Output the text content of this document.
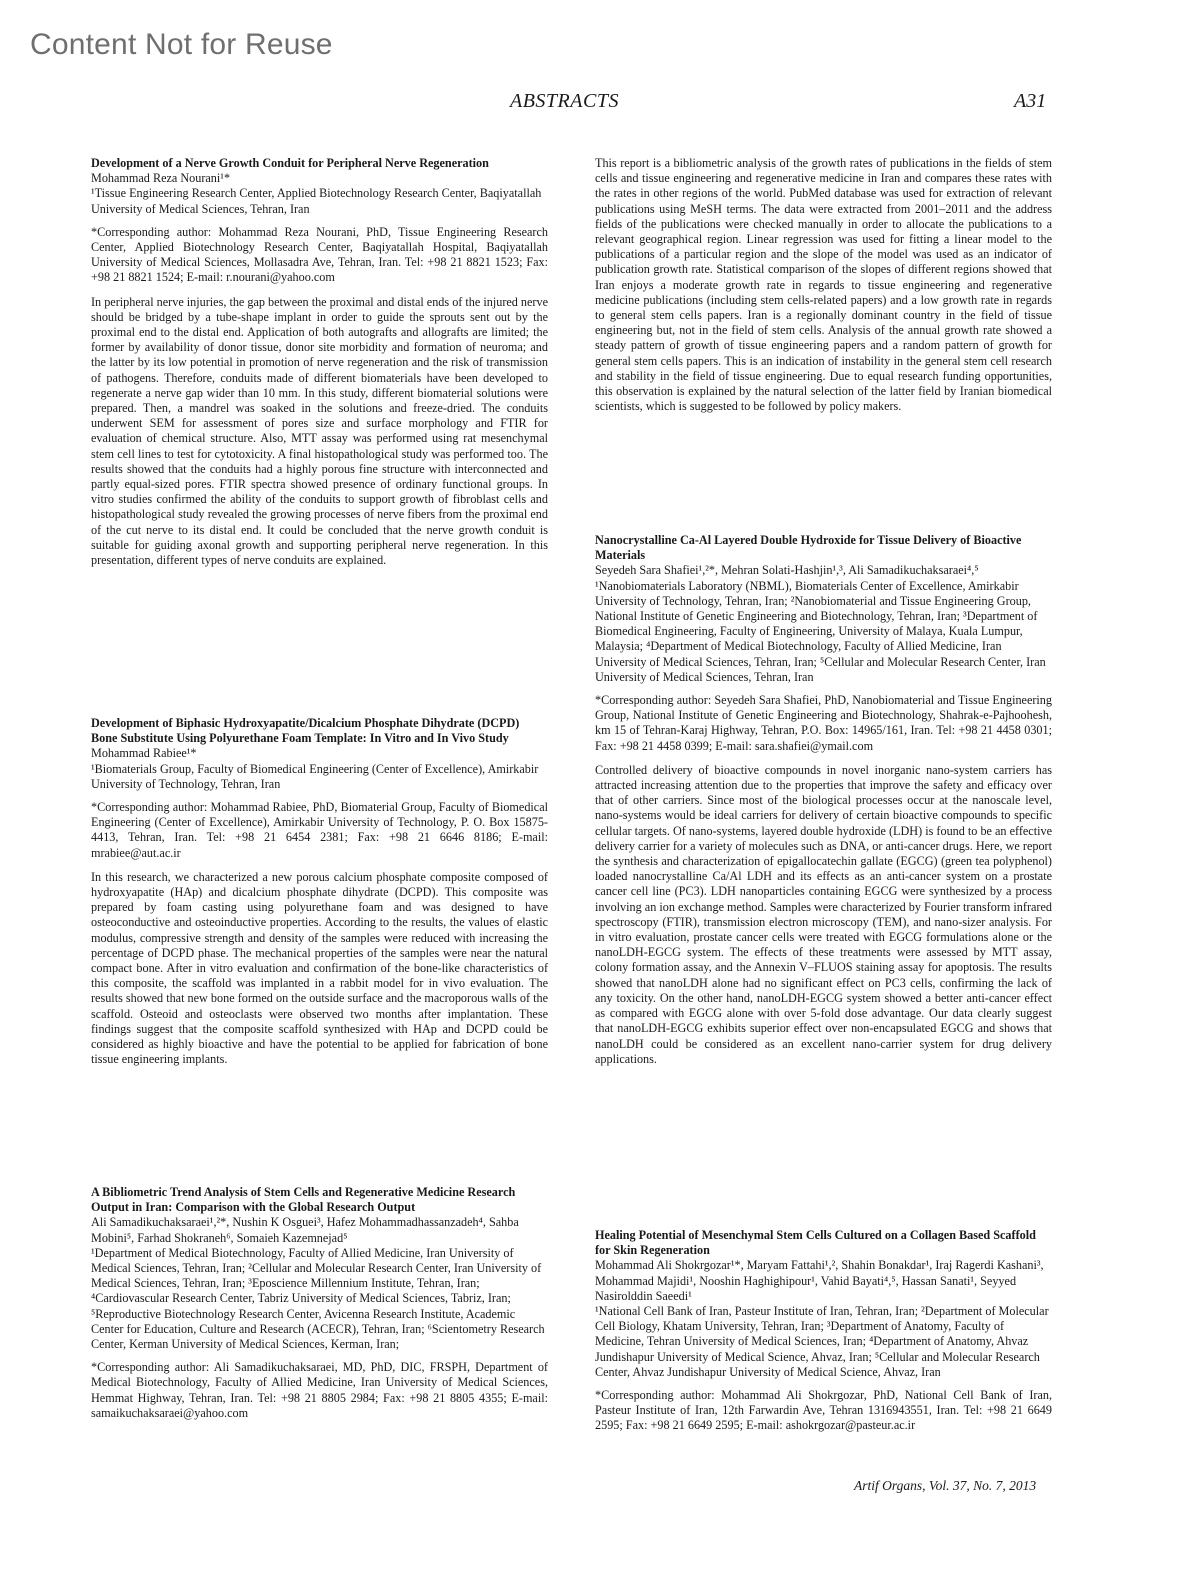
Content Not for Reuse
ABSTRACTS	A31

Development of a Nerve Growth Conduit for Peripheral Nerve Regeneration

Mohammad Reza Nourani¹*

¹Tissue Engineering Research Center, Applied Biotechnology Research Center, Baqiyatallah University of Medical Sciences, Tehran, Iran

*Corresponding author: Mohammad Reza Nourani, PhD, Tissue Engineering Research Center, Applied Biotechnology Research Center, Baqiyatallah Hospital, Baqiyatallah University of Medical Sciences, Mollasadra Ave, Tehran, Iran. Tel: +98 21 8821 1523; Fax: +98 21 8821 1524; E-mail: r.nourani@yahoo.com

In peripheral nerve injuries, the gap between the proximal and distal ends of the injured nerve should be bridged by a tube-shape implant in order to guide the sprouts sent out by the proximal end to the distal end. Application of both autografts and allografts are limited; the former by availability of donor tissue, donor site morbidity and formation of neuroma; and the latter by its low potential in promotion of nerve regeneration and the risk of transmission of pathogens. Therefore, conduits made of different biomaterials have been developed to regenerate a nerve gap wider than 10 mm. In this study, different biomaterial solutions were prepared. Then, a mandrel was soaked in the solutions and freeze-dried. The conduits underwent SEM for assessment of pores size and surface morphology and FTIR for evaluation of chemical structure. Also, MTT assay was performed using rat mesenchymal stem cell lines to test for cytotoxicity. A final histopathological study was performed too. The results showed that the conduits had a highly porous fine structure with interconnected and partly equal-sized pores. FTIR spectra showed presence of ordinary functional groups. In vitro studies confirmed the ability of the conduits to support growth of fibroblast cells and histopathological study revealed the growing processes of nerve fibers from the proximal end of the cut nerve to its distal end. It could be concluded that the nerve growth conduit is suitable for guiding axonal growth and supporting peripheral nerve regeneration. In this presentation, different types of nerve conduits are explained.

Development of Biphasic Hydroxyapatite/Dicalcium Phosphate Dihydrate (DCPD) Bone Substitute Using Polyurethane Foam Template: In Vitro and In Vivo Study

Mohammad Rabiee¹*

¹Biomaterials Group, Faculty of Biomedical Engineering (Center of Excellence), Amirkabir University of Technology, Tehran, Iran

*Corresponding author: Mohammad Rabiee, PhD, Biomaterial Group, Faculty of Biomedical Engineering (Center of Excellence), Amirkabir University of Technology, P. O. Box 15875-4413, Tehran, Iran. Tel: +98 21 6454 2381; Fax: +98 21 6646 8186; E-mail: mrabiee@aut.ac.ir

In this research, we characterized a new porous calcium phosphate composite composed of hydroxyapatite (HAp) and dicalcium phosphate dihydrate (DCPD). This composite was prepared by foam casting using polyurethane foam and was designed to have osteoconductive and osteoinductive properties. According to the results, the values of elastic modulus, compressive strength and density of the samples were reduced with increasing the percentage of DCPD phase. The mechanical properties of the samples were near the natural compact bone. After in vitro evaluation and confirmation of the bone-like characteristics of this composite, the scaffold was implanted in a rabbit model for in vivo evaluation. The results showed that new bone formed on the outside surface and the macroporous walls of the scaffold. Osteoid and osteoclasts were observed two months after implantation. These findings suggest that the composite scaffold synthesized with HAp and DCPD could be considered as highly bioactive and have the potential to be applied for fabrication of bone tissue engineering implants.

A Bibliometric Trend Analysis of Stem Cells and Regenerative Medicine Research Output in Iran: Comparison with the Global Research Output

Ali Samadikuchaksaraei¹,²*, Nushin K Osguei³, Hafez Mohammadhassanzadeh⁴, Sahba Mobini⁵, Farhad Shokraneh⁶, Somaieh Kazemnejad⁵

¹Department of Medical Biotechnology, Faculty of Allied Medicine, Iran University of Medical Sciences, Tehran, Iran; ²Cellular and Molecular Research Center, Iran University of Medical Sciences, Tehran, Iran; ³Eposcience Millennium Institute, Tehran, Iran; ⁴Cardiovascular Research Center, Tabriz University of Medical Sciences, Tabriz, Iran; ⁵Reproductive Biotechnology Research Center, Avicenna Research Institute, Academic Center for Education, Culture and Research (ACECR), Tehran, Iran; ⁶Scientometry Research Center, Kerman University of Medical Sciences, Kerman, Iran;

*Corresponding author: Ali Samadikuchaksaraei, MD, PhD, DIC, FRSPH, Department of Medical Biotechnology, Faculty of Allied Medicine, Iran University of Medical Sciences, Hemmat Highway, Tehran, Iran. Tel: +98 21 8805 2984; Fax: +98 21 8805 4355; E-mail: samaikuchaksaraei@yahoo.com

This report is a bibliometric analysis of the growth rates of publications in the fields of stem cells and tissue engineering and regenerative medicine in Iran and compares these rates with the rates in other regions of the world. PubMed database was used for extraction of relevant publications using MeSH terms. The data were extracted from 2001–2011 and the address fields of the publications were checked manually in order to allocate the publications to a relevant geographical region. Linear regression was used for fitting a linear model to the publications of a particular region and the slope of the model was used as an indicator of publication growth rate. Statistical comparison of the slopes of different regions showed that Iran enjoys a moderate growth rate in regards to tissue engineering and regenerative medicine publications (including stem cells-related papers) and a low growth rate in regards to general stem cells papers. Iran is a regionally dominant country in the field of tissue engineering but, not in the field of stem cells. Analysis of the annual growth rate showed a steady pattern of growth of tissue engineering papers and a random pattern of growth for general stem cells papers. This is an indication of instability in the general stem cell research and stability in the field of tissue engineering. Due to equal research funding opportunities, this observation is explained by the natural selection of the latter field by Iranian biomedical scientists, which is suggested to be followed by policy makers.

Nanocrystalline Ca-Al Layered Double Hydroxide for Tissue Delivery of Bioactive Materials

Seyedeh Sara Shafiei¹,²*, Mehran Solati-Hashjin¹,³, Ali Samadikuchaksaraei⁴,⁵

¹Nanobiomaterials Laboratory (NBML), Biomaterials Center of Excellence, Amirkabir University of Technology, Tehran, Iran; ²Nanobiomaterial and Tissue Engineering Group, National Institute of Genetic Engineering and Biotechnology, Tehran, Iran; ³Department of Biomedical Engineering, Faculty of Engineering, University of Malaya, Kuala Lumpur, Malaysia; ⁴Department of Medical Biotechnology, Faculty of Allied Medicine, Iran University of Medical Sciences, Tehran, Iran; ⁵Cellular and Molecular Research Center, Iran University of Medical Sciences, Tehran, Iran

*Corresponding author: Seyedeh Sara Shafiei, PhD, Nanobiomaterial and Tissue Engineering Group, National Institute of Genetic Engineering and Biotechnology, Shahrak-e-Pajhoohesh, km 15 of Tehran-Karaj Highway, Tehran, P.O. Box: 14965/161, Iran. Tel: +98 21 4458 0301; Fax: +98 21 4458 0399; E-mail: sara.shafiei@ymail.com

Controlled delivery of bioactive compounds in novel inorganic nano-system carriers has attracted increasing attention due to the properties that improve the safety and efficacy over that of other carriers. Since most of the biological processes occur at the nanoscale level, nano-systems would be ideal carriers for delivery of certain bioactive compounds to specific cellular targets. Of nano-systems, layered double hydroxide (LDH) is found to be an effective delivery carrier for a variety of molecules such as DNA, or anti-cancer drugs. Here, we report the synthesis and characterization of epigallocatechin gallate (EGCG) (green tea polyphenol) loaded nanocrystalline Ca/Al LDH and its effects as an anti-cancer system on a prostate cancer cell line (PC3). LDH nanoparticles containing EGCG were synthesized by a process involving an ion exchange method. Samples were characterized by Fourier transform infrared spectroscopy (FTIR), transmission electron microscopy (TEM), and nano-sizer analysis. For in vitro evaluation, prostate cancer cells were treated with EGCG formulations alone or the nanoLDH-EGCG system. The effects of these treatments were assessed by MTT assay, colony formation assay, and the Annexin V–FLUOS staining assay for apoptosis. The results showed that nanoLDH alone had no significant effect on PC3 cells, confirming the lack of any toxicity. On the other hand, nanoLDH-EGCG system showed a better anti-cancer effect as compared with EGCG alone with over 5-fold dose advantage. Our data clearly suggest that nanoLDH-EGCG exhibits superior effect over non-encapsulated EGCG and shows that nanoLDH could be considered as an excellent nano-carrier system for drug delivery applications.

Healing Potential of Mesenchymal Stem Cells Cultured on a Collagen Based Scaffold for Skin Regeneration

Mohammad Ali Shokrgozar¹*, Maryam Fattahi¹,², Shahin Bonakdar¹, Iraj Ragerdi Kashani³, Mohammad Majidi¹, Nooshin Haghighipour¹, Vahid Bayati⁴,⁵, Hassan Sanati¹, Seyyed Nasirolddin Saeedi¹

¹National Cell Bank of Iran, Pasteur Institute of Iran, Tehran, Iran; ²Department of Molecular Cell Biology, Khatam University, Tehran, Iran; ³Department of Anatomy, Faculty of Medicine, Tehran University of Medical Sciences, Iran; ⁴Department of Anatomy, Ahvaz Jundishapur University of Medical Science, Ahvaz, Iran; ⁵Cellular and Molecular Research Center, Ahvaz Jundishapur University of Medical Science, Ahvaz, Iran

*Corresponding author: Mohammad Ali Shokrgozar, PhD, National Cell Bank of Iran, Pasteur Institute of Iran, 12th Farwardin Ave, Tehran 1316943551, Iran. Tel: +98 21 6649 2595; Fax: +98 21 6649 2595; E-mail: ashokrgozar@pasteur.ac.ir

Artif Organs, Vol. 37, No. 7, 2013
